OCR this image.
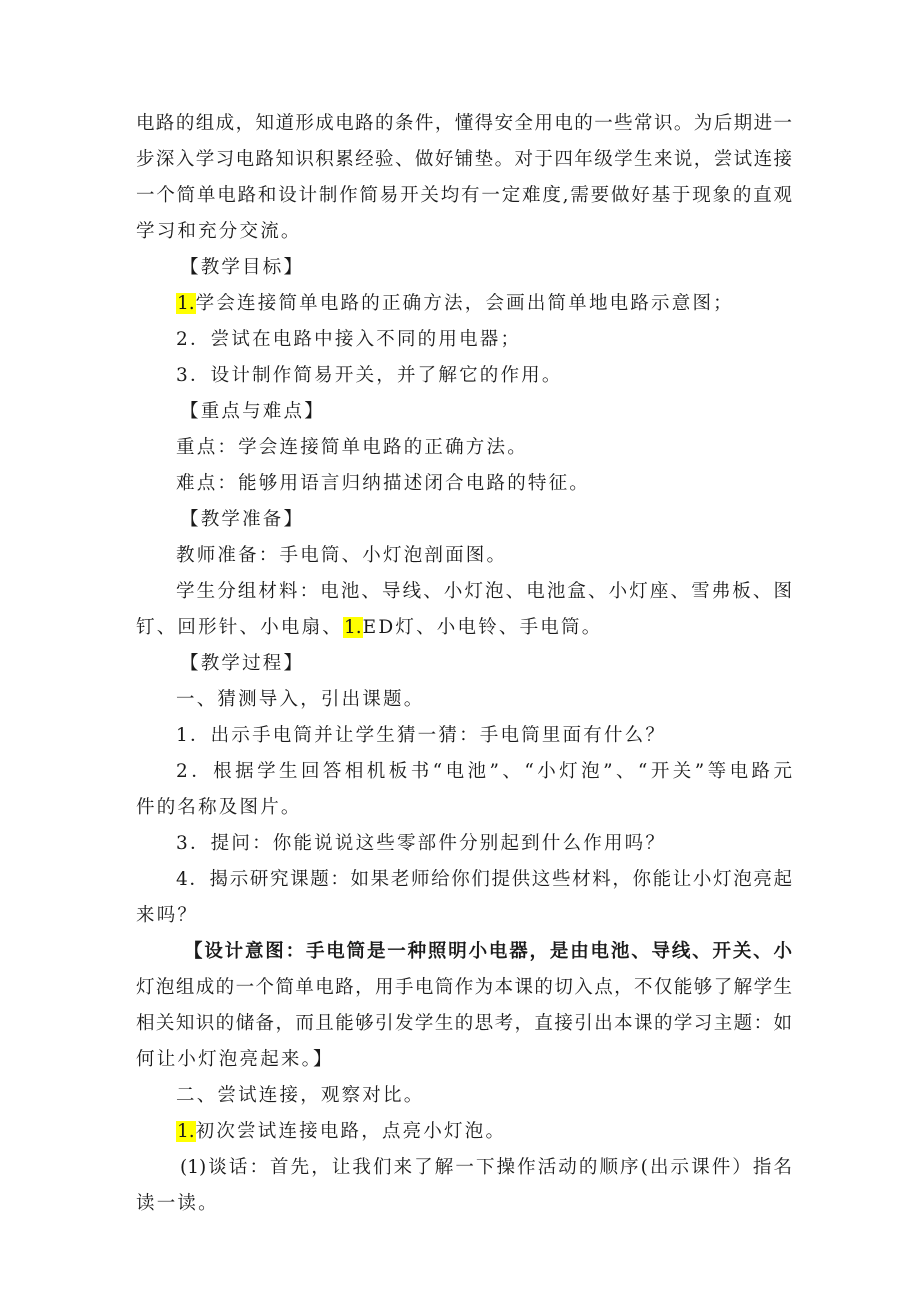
电路的组成，知道形成电路的条件，懂得安全用电的一些常识。为后期进一
步深入学习电路知识积累经验、做好铺垫。对于四年级学生来说，尝试连接
一个简单电路和设计制作简易开关均有一定难度,需要做好基于现象的直观
学习和充分交流。
【教学目标】
1.学会连接简单电路的正确方法，会画出简单地电路示意图；
2．尝试在电路中接入不同的用电器；
3．设计制作简易开关，并了解它的作用。
【重点与难点】
重点：学会连接简单电路的正确方法。
难点：能够用语言归纳描述闭合电路的特征。
【教学准备】
教师准备：手电筒、小灯泡剖面图。
学生分组材料：电池、导线、小灯泡、电池盒、小灯座、雪弗板、图
钉、回形针、小电扇、1.ED灯、小电铃、手电筒。
【教学过程】
一、猜测导入，引出课题。
1．出示手电筒并让学生猜一猜：手电筒里面有什么？
2．根据学生回答相机板书“电池”、“小灯泡”、“开关”等电路元
件的名称及图片。
3．提问：你能说说这些零部件分别起到什么作用吗？
4．揭示研究课题：如果老师给你们提供这些材料，你能让小灯泡亮起
来吗？
【设计意图：手电筒是一种照明小电器，是由电池、导线、开关、小
灯泡组成的一个简单电路，用手电筒作为本课的切入点，不仅能够了解学生
相关知识的储备，而且能够引发学生的思考，直接引出本课的学习主题：如
何让小灯泡亮起来。】
二、尝试连接，观察对比。
1.初次尝试连接电路，点亮小灯泡。
(1)谈话：首先，让我们来了解一下操作活动的顺序(出示课件）指名
读一读。
